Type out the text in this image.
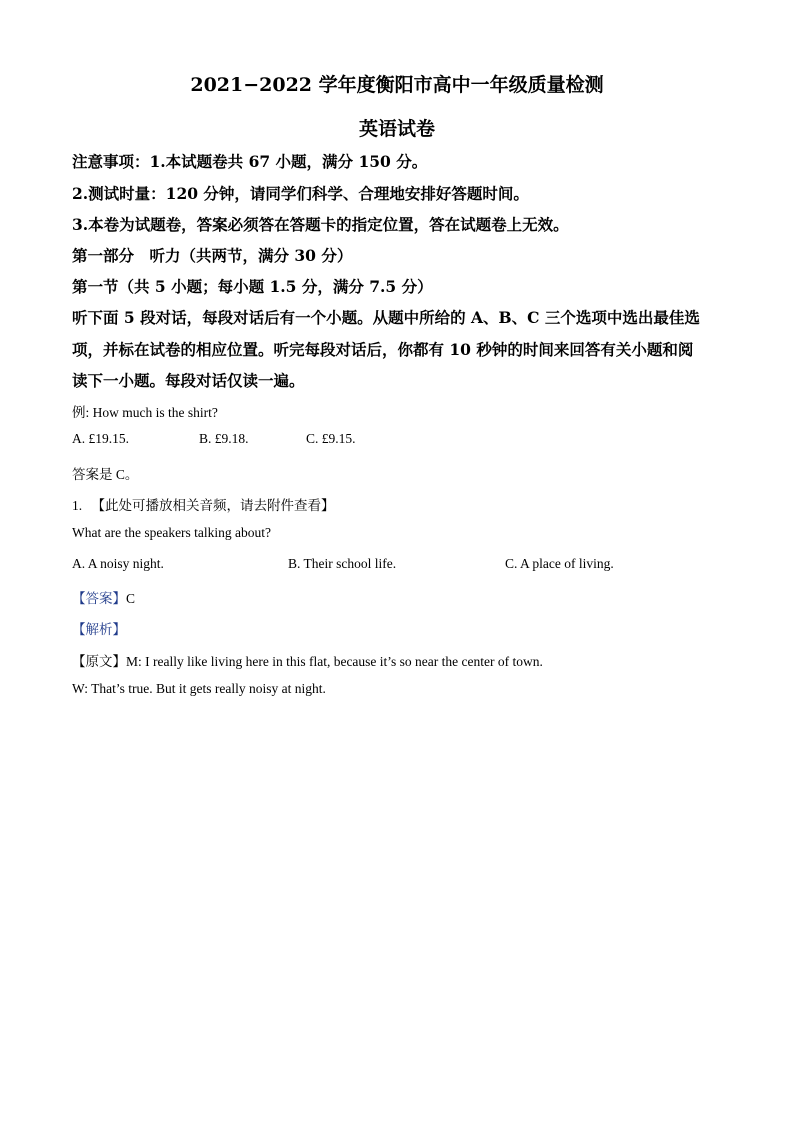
2021−2022 学年度衡阳市高中一年级质量检测
英语试卷

注意事项：1.本试题卷共 67 小题，满分 150 分。

2.测试时量：120 分钟，请同学们科学、合理地安排好答题时间。

3.本卷为试题卷，答案必须答在答题卡的指定位置，答在试题卷上无效。

第一部分　听力（共两节，满分 30 分）

第一节（共 5 小题；每小题 1.5 分，满分 7.5 分）

听下面 5 段对话，每段对话后有一个小题。从题中所给的 A、B、C 三个选项中选出最佳选

项，并标在试卷的相应位置。听完每段对话后，你都有 10 秒钟的时间来回答有关小题和阅

读下一小题。每段对话仅读一遍。

例: How much is the shirt?

A. £19.15.	B. £9.18.	C. £9.15.

答案是 C。

1. 【此处可播放相关音频，请去附件查看】

What are the speakers talking about?

A. A noisy night.	B. Their school life.	C. A place of living.

【答案】C

【解析】

【原文】M: I really like living here in this flat, because it’s so near the center of town.

W: That’s true. But it gets really noisy at night.
